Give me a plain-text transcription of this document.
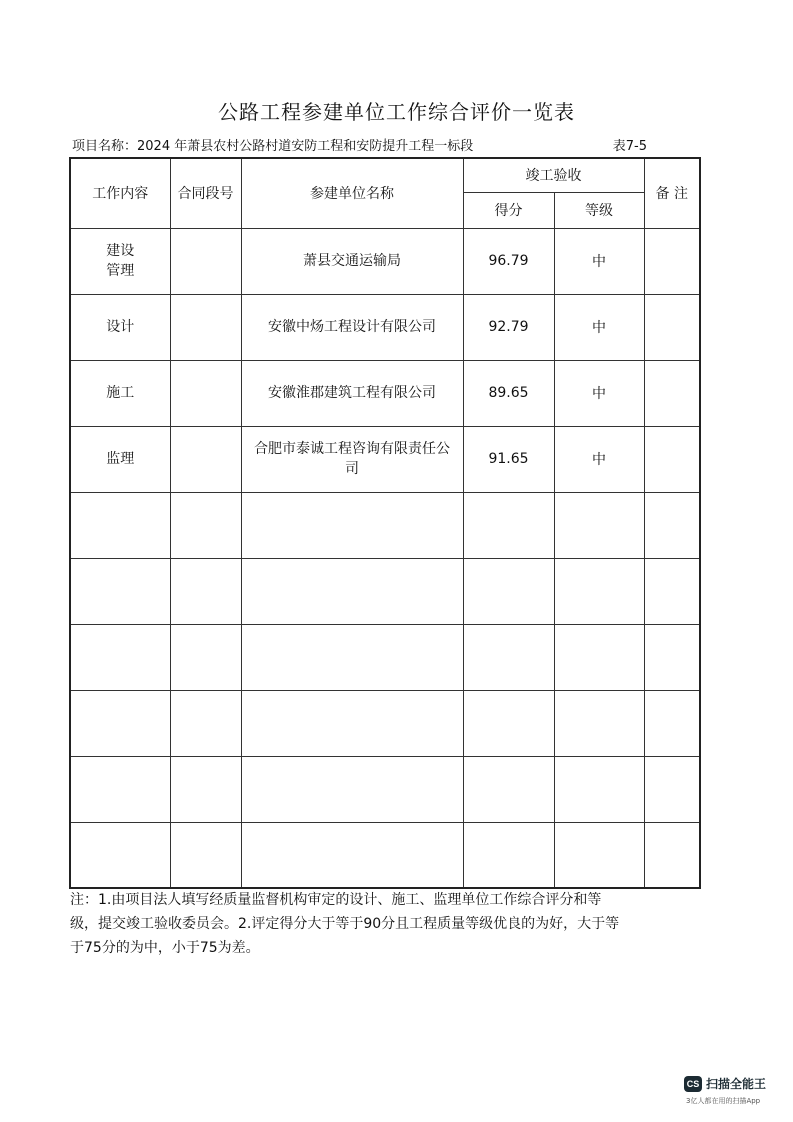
公路工程参建单位工作综合评价一览表
项目名称：2024 年萧县农村公路村道安防工程和安防提升工程一标段	表7-5
工作内容	合同段号	参建单位名称	竣工验收		备 注
			得分	等级	

建设
管理		萧县交通运输局	96.79	中	

设计		安徽中炀工程设计有限公司	92.79	中	

施工		安徽淮郡建筑工程有限公司	89.65	中	

监理		合肥市泰诚工程咨询有限责任公司	91.65	中	

注：1.由项目法人填写经质量监督机构审定的设计、施工、监理单位工作综合评分和等
级，提交竣工验收委员会。2.评定得分大于等于90分且工程质量等级优良的为好，大于等
于75分的为中，小于75为差。
CS 扫描全能王
3亿人都在用的扫描App
